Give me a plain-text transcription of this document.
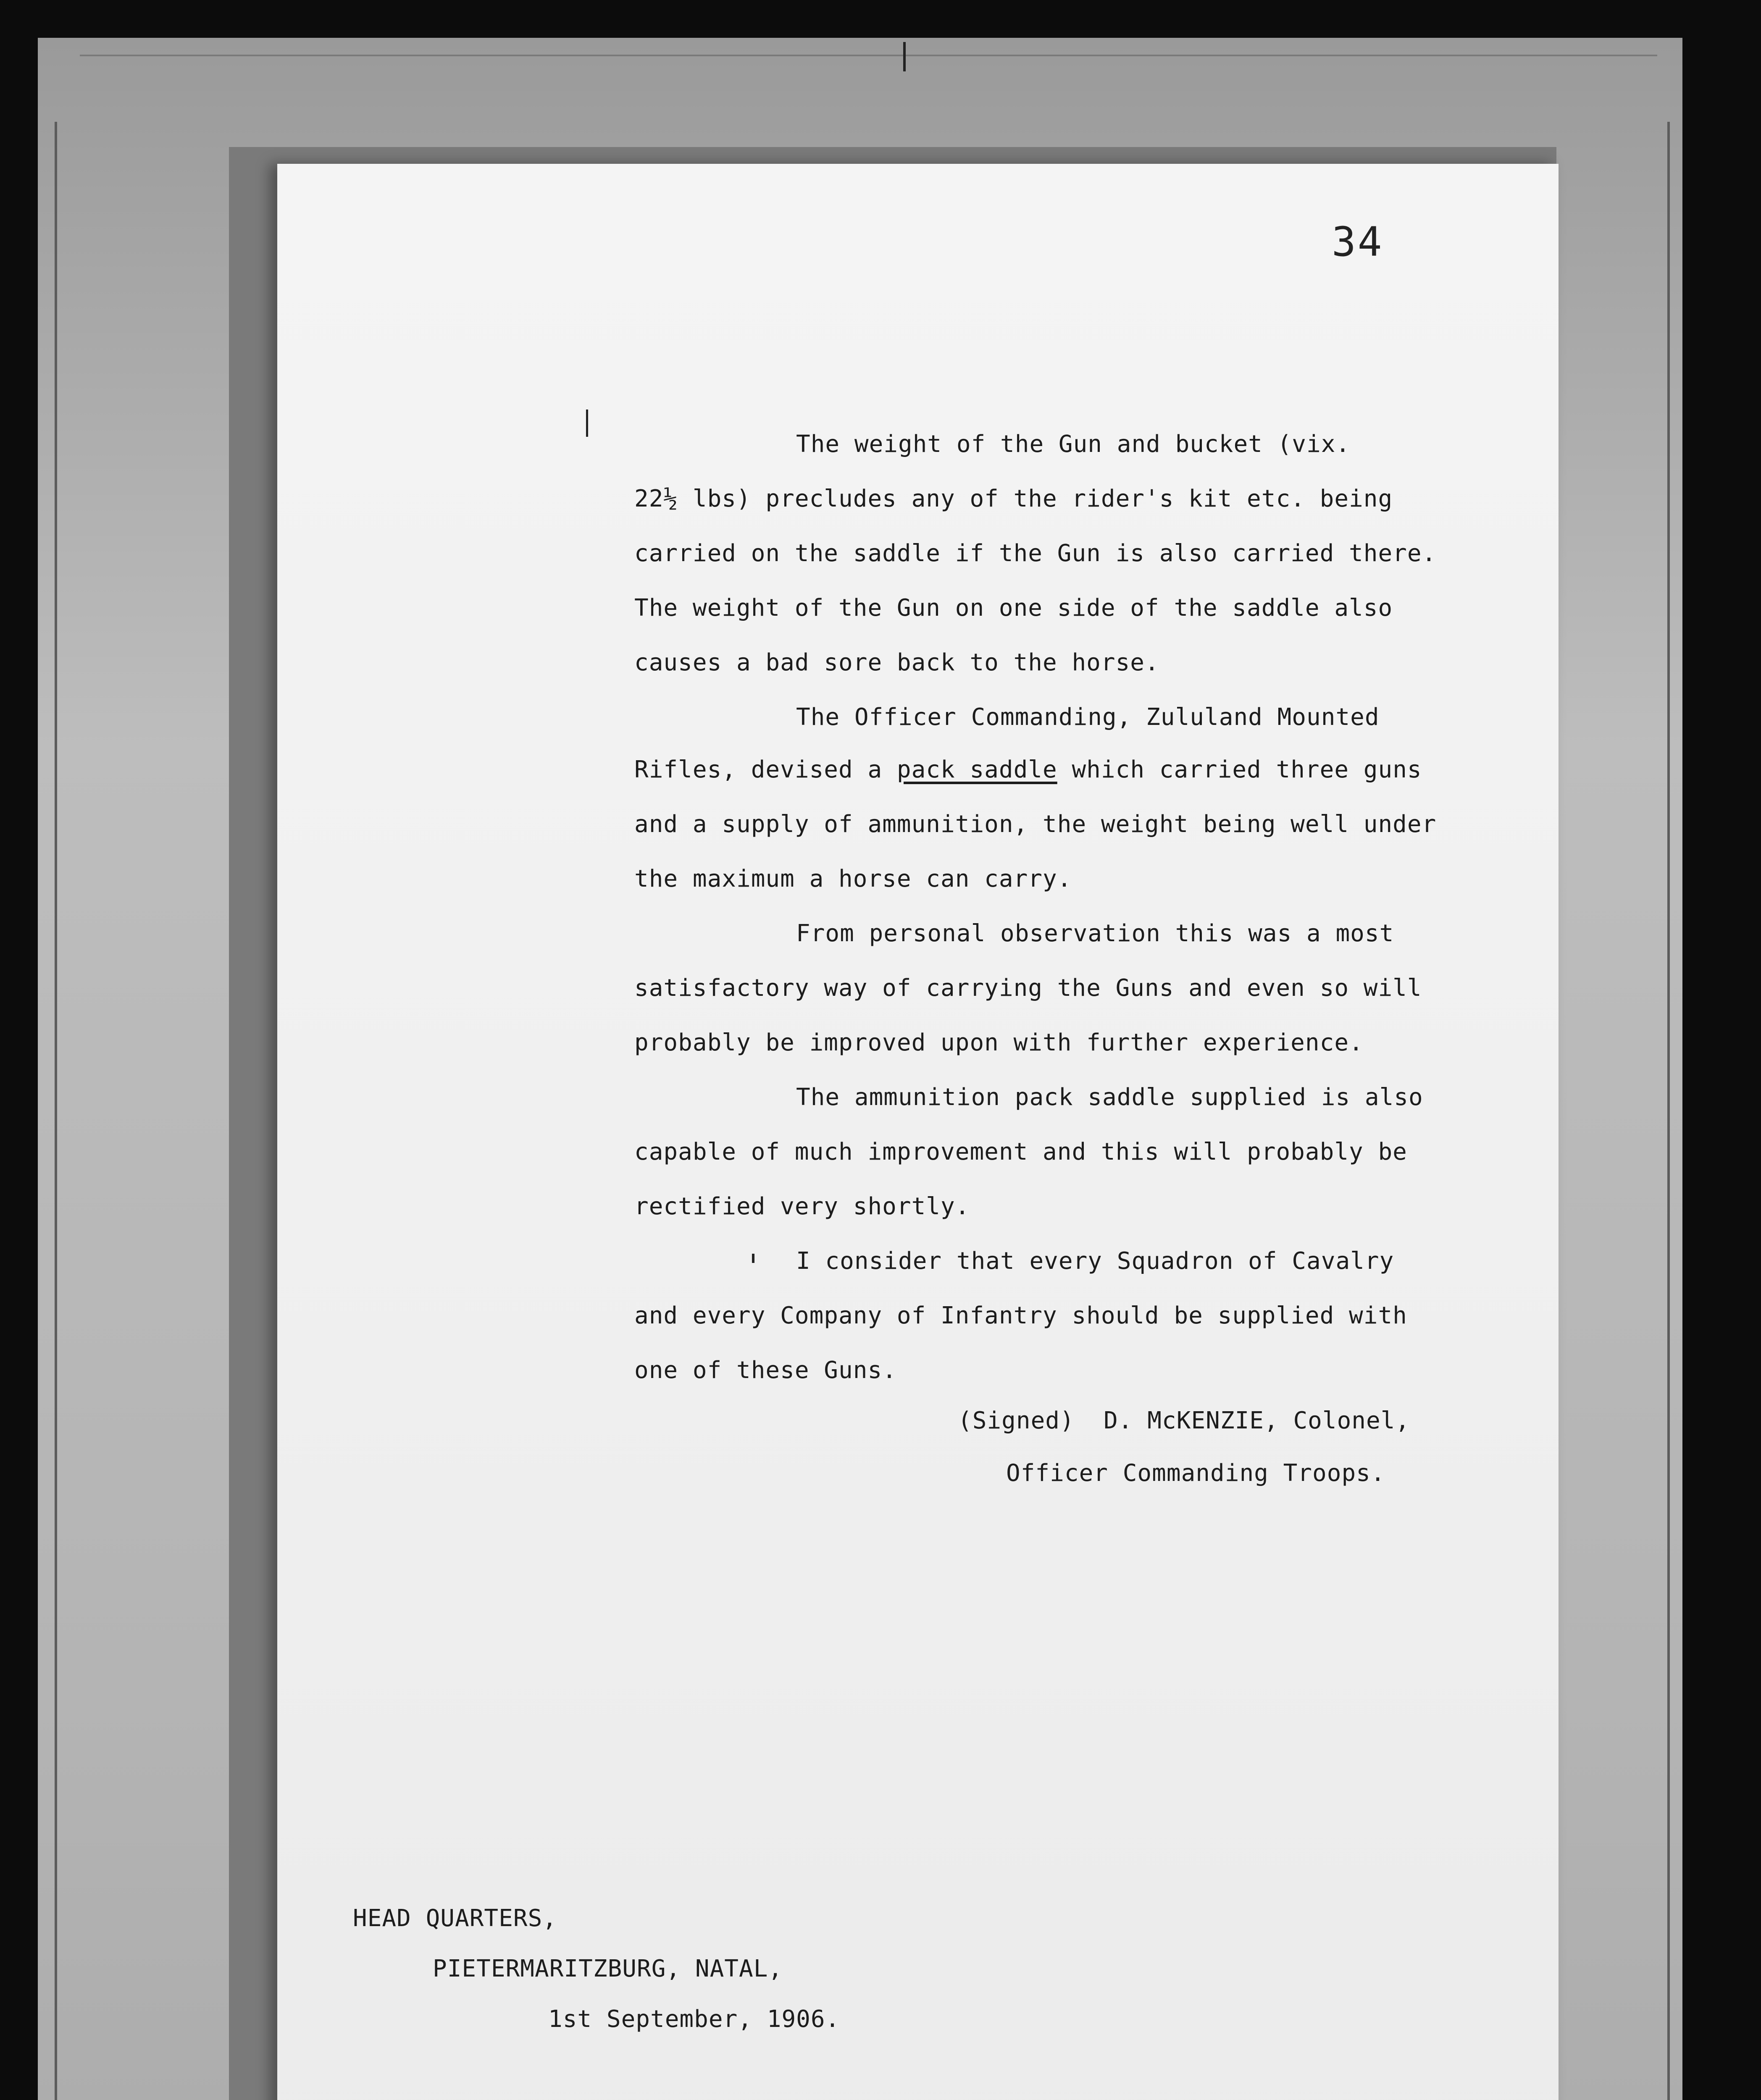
34
The weight of the Gun and bucket (vix.
22½ lbs) precludes any of the rider's kit etc. being
carried on the saddle if the Gun is also carried there.
The weight of the Gun on one side of the saddle also
causes a bad sore back to the horse.
The Officer Commanding, Zululand Mounted
Rifles, devised a pack saddle which carried three guns
and a supply of ammunition, the weight being well under
the maximum a horse can carry.
From personal observation this was a most
satisfactory way of carrying the Guns and even so will
probably be improved upon with further experience.
The ammunition pack saddle supplied is also
capable of much improvement and this will probably be
rectified very shortly.
I consider that every Squadron of Cavalry
and every Company of Infantry should be supplied with
one of these Guns.
(Signed)  D. McKENZIE, Colonel,
Officer Commanding Troops.
HEAD QUARTERS,
PIETERMARITZBURG, NATAL,
1st September, 1906.
